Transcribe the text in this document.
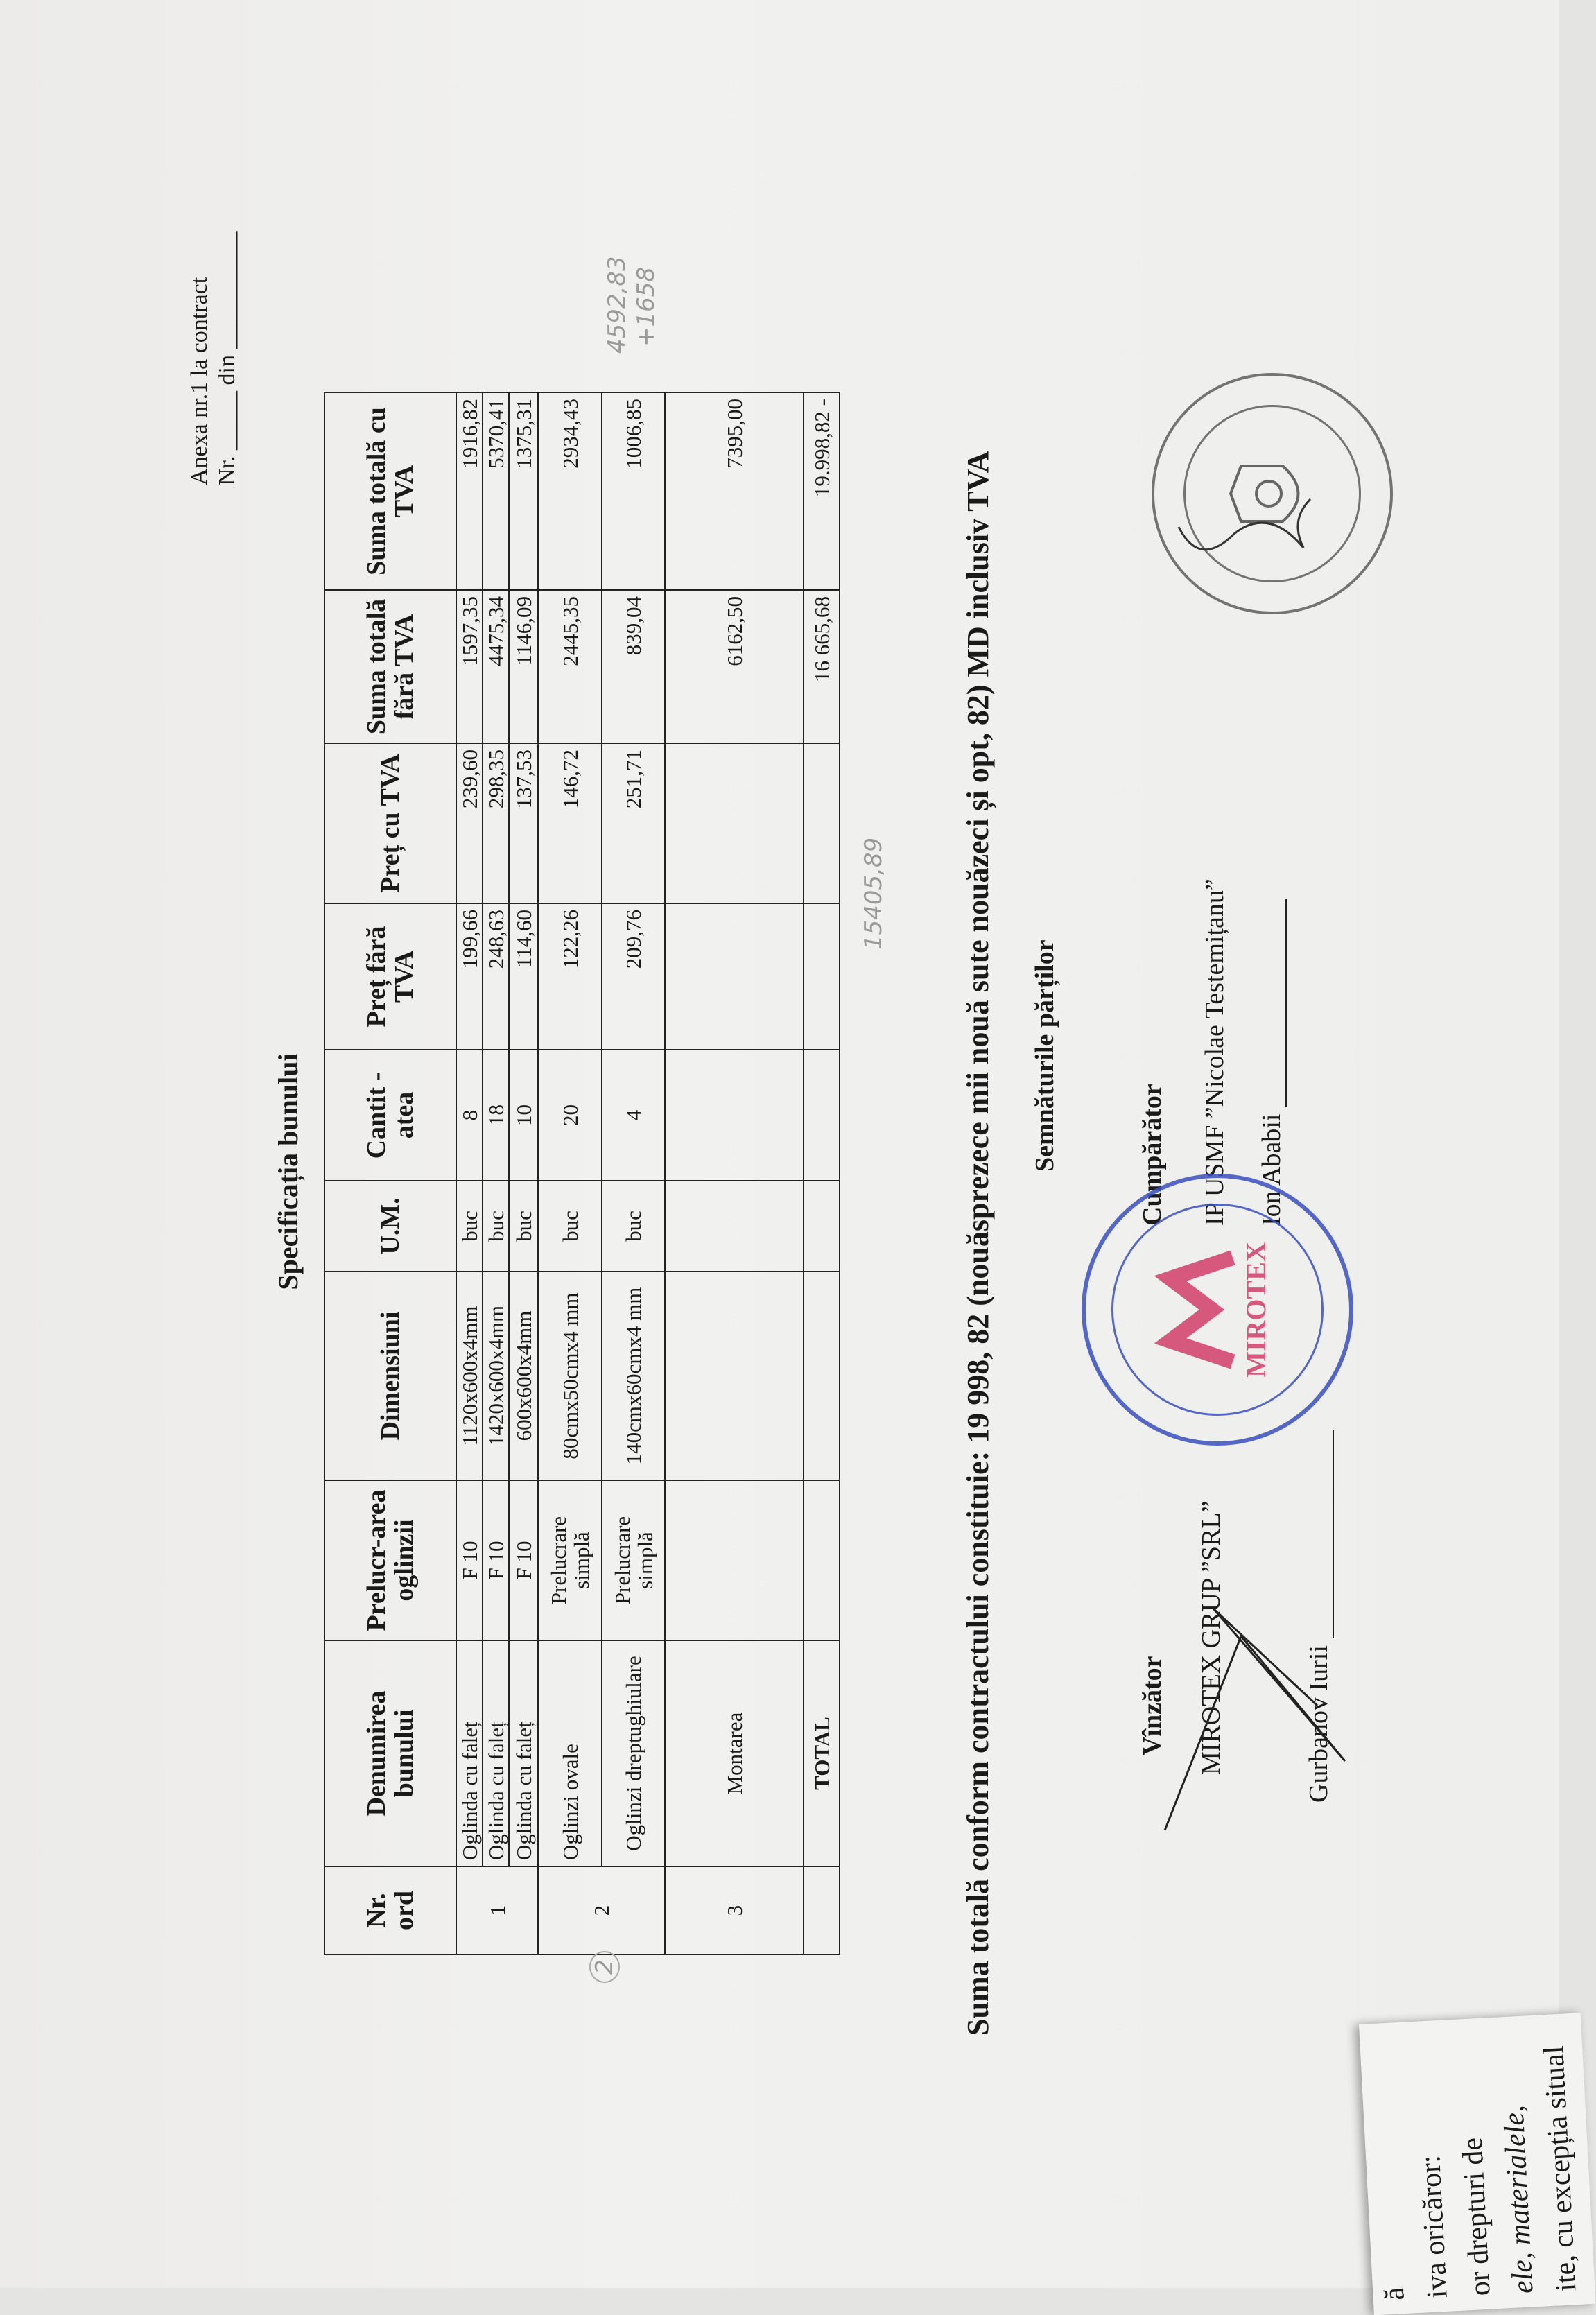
Anexa nr.1 la contract Nr. _____ din __________
Specificația bunului
Nr. ord	Denumirea bunului	Prelucr-area oglinzii	Dimensiuni	U.M.	Cantit -atea	Preț fără TVA	Preț cu TVA	Suma totală fără TVA	Suma totală cu TVA
1	Oglinda cu faleț	F 10	1120x600x4mm	buc	8	199,66	239,60	1597,35	1916,82
	Oglinda cu faleț	F 10	1420x600x4mm	buc	18	248,63	298,35	4475,34	5370,41
	Oglinda cu faleț	F 10	600x600x4mm	buc	10	114,60	137,53	1146,09	1375,31
2	Oglinzi ovale	Prelucrare simplă	80cmx50cmx4 mm	buc	20	122,26	146,72	2445,35	2934,43
	Oglinzi dreptughiulare	Prelucrare simplă	140cmx60cmx4 mm	buc	4	209,76	251,71	839,04	1006,85
3	Montarea							6162,50	7395,00
	TOTAL							16 665,68	19.998,82 -
4592,83 +1658
15405,89
2	Suma totală conform contractului constituie: 19 998, 82 (nouăsprezece mii nouă sute nouăzeci și opt, 82) MD inclusiv TVA Semnăturile părților
Vînzător MIROTEX GRUP ”SRL”	Gurbanov Iurii
Cumpărător IP USMF ”Nicolae Testemițanu” Ion Ababii
MIROTEX
ă iva oricăror: or drepturi de ele, materialele,
ite, cu excepția situal
